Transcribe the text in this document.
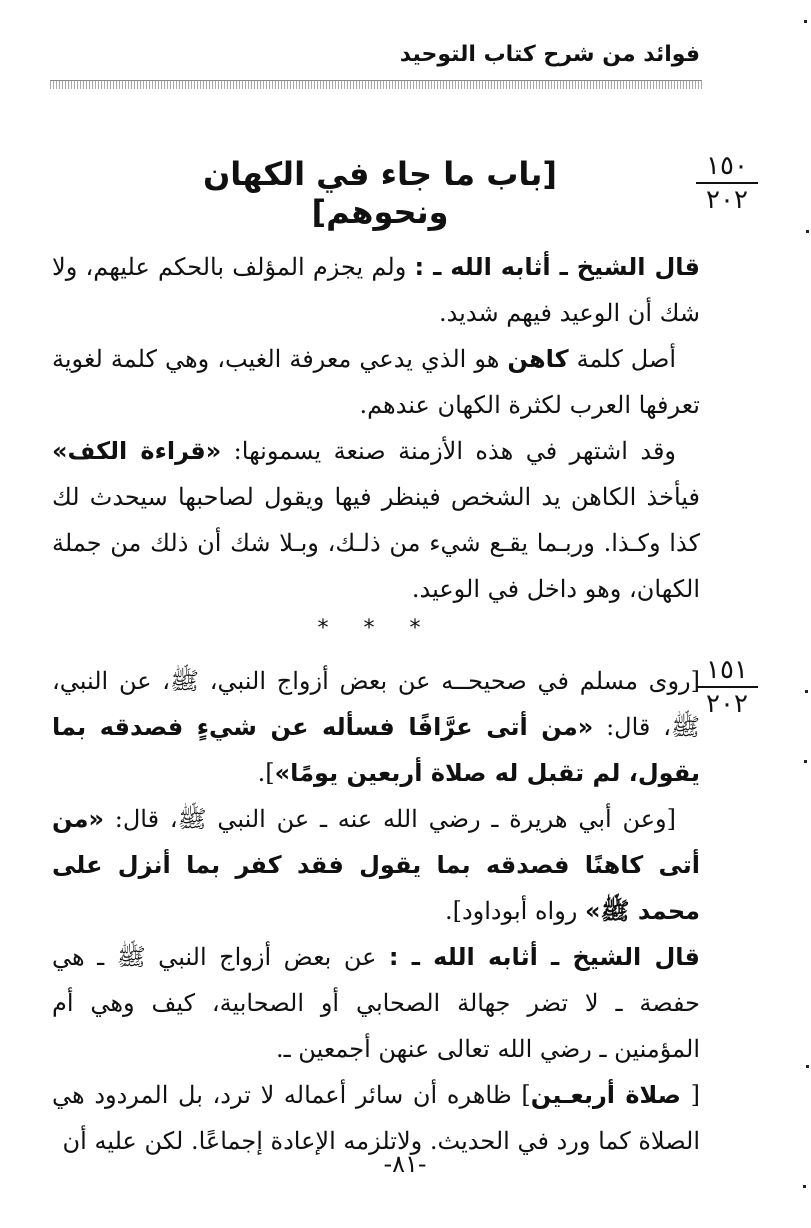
فوائد من شرح كتاب التوحيد
١٥٠
٢٠٢
[باب ما جاء في الكهان ونحوهم]

قال الشيخ ـ أثابه الله ـ : ولم يجزم المؤلف بالحكم عليهم، ولا شك أن الوعيد فيهم شديد.

أصل كلمة كاهن هو الذي يدعي معرفة الغيب، وهي كلمة لغوية تعرفها العرب لكثرة الكهان عندهم.

وقد اشتهر في هذه الأزمنة صنعة يسمونها: «قراءة الكف» فيأخذ الكاهن يد الشخص فينظر فيها ويقول لصاحبها سيحدث لك كذا وكـذا. وربـما يقـع شيء من ذلـك، وبـلا شك أن ذلك من جملة الكهان، وهو داخل في الوعيد.

* * *
١٥١
٢٠٢

[روى مسلم في صحيحــه عن بعض أزواج النبي، ﷺ، عن النبي، ﷺ، قال: «من أتى عرَّافًا فسأله عن شيءٍ فصدقه بما يقول، لم تقبل له صلاة أربعين يومًا»].

[وعن أبي هريرة ـ رضي الله عنه ـ عن النبي ﷺ، قال: «من أتى كاهنًا فصدقه بما يقول فقد كفر بما أنزل على محمد ﷺ» رواه أبوداود].

قال الشيخ ـ أثابه الله ـ : عن بعض أزواج النبي ﷺ ـ هي حفصة ـ لا تضر جهالة الصحابي أو الصحابية، كيف وهي أم المؤمنين ـ رضي الله تعالى عنهن أجمعين ـ.

[ صلاة أربعـين] ظاهره أن سائر أعماله لا ترد، بل المردود هي الصلاة كما ورد في الحديث. ولاتلزمه الإعادة إجماعًا. لكن عليه أن

-٨١-
